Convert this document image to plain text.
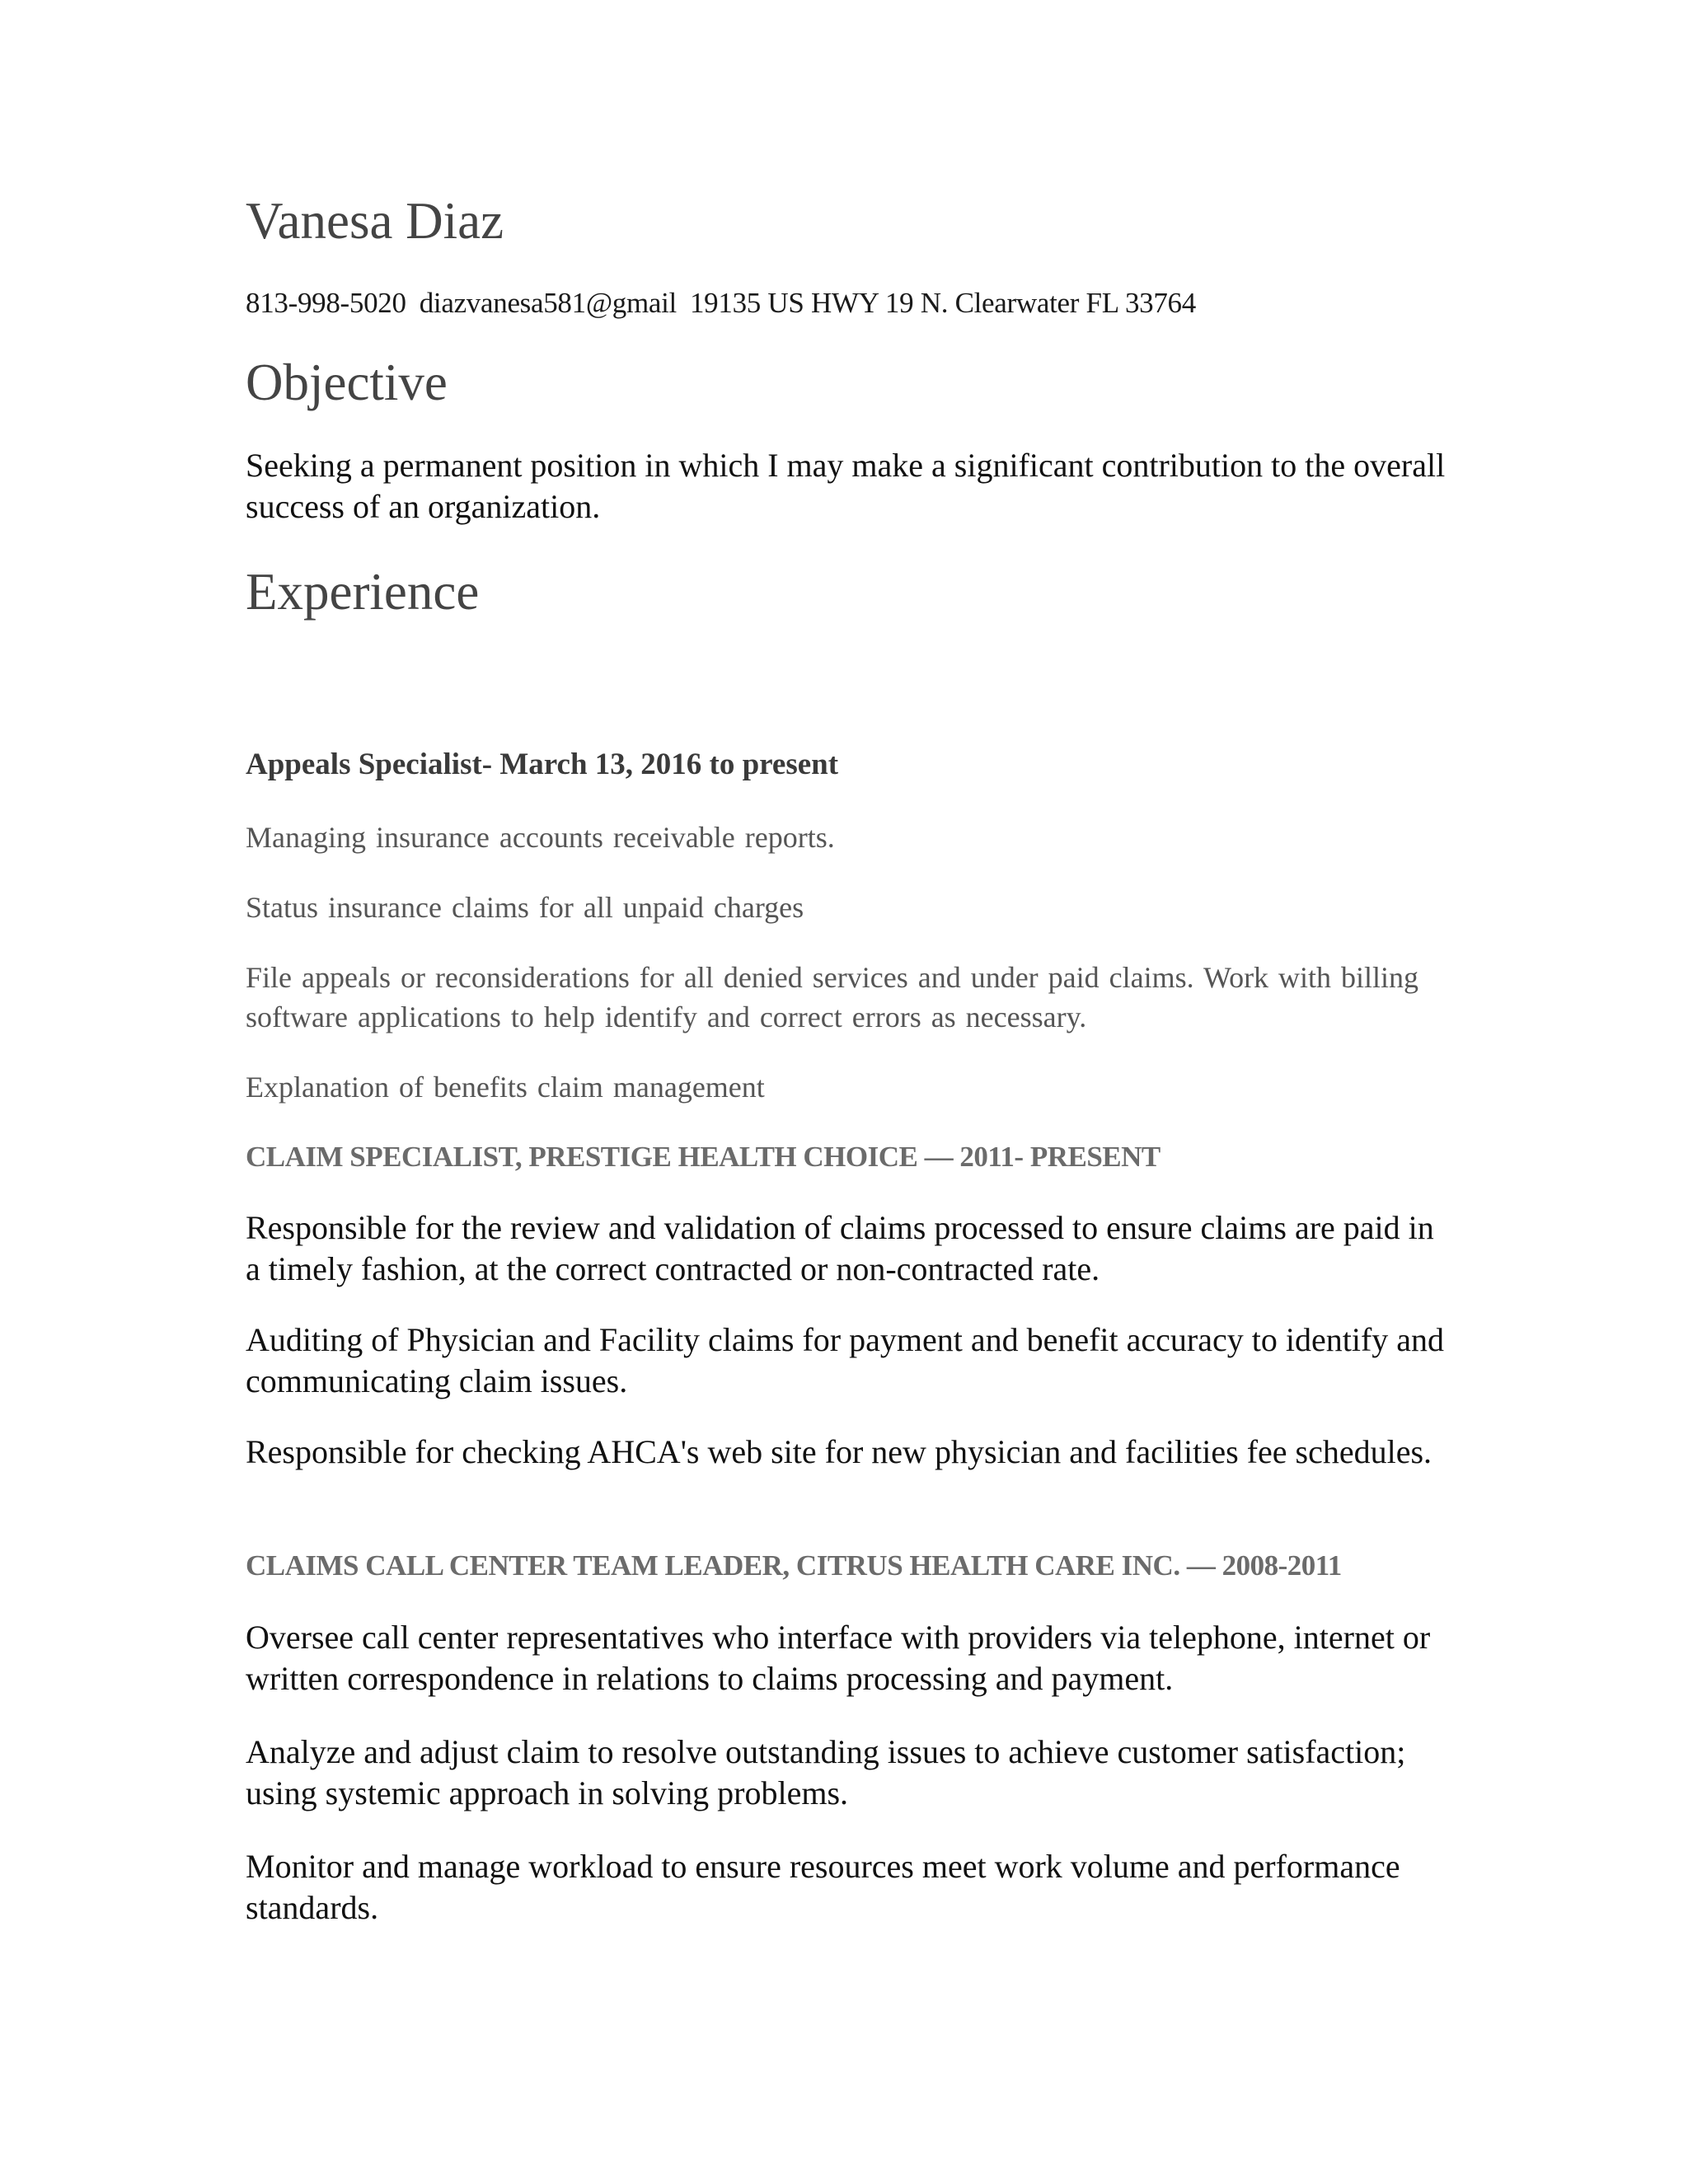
Vanesa Diaz
813-998-5020 diazvanesa581@gmail 19135 US HWY 19 N. Clearwater FL 33764
Objective

Seeking a permanent position in which I may make a significant contribution to the overall success of an organization.

Experience
Appeals Specialist- March 13, 2016 to present

Managing insurance accounts receivable reports.

Status insurance claims for all unpaid charges

File appeals or reconsiderations for all denied services and under paid claims. Work with billing software applications to help identify and correct errors as necessary.

Explanation of benefits claim management

CLAIM SPECIALIST, PRESTIGE HEALTH CHOICE — 2011- PRESENT

Responsible for the review and validation of claims processed to ensure claims are paid in a timely fashion, at the correct contracted or non-contracted rate.

Auditing of Physician and Facility claims for payment and benefit accuracy to identify and communicating claim issues.

Responsible for checking AHCA's web site for new physician and facilities fee schedules.

CLAIMS CALL CENTER TEAM LEADER, CITRUS HEALTH CARE INC. — 2008-2011

Oversee call center representatives who interface with providers via telephone, internet or written correspondence in relations to claims processing and payment.

Analyze and adjust claim to resolve outstanding issues to achieve customer satisfaction; using systemic approach in solving problems.

Monitor and manage workload to ensure resources meet work volume and performance standards.
